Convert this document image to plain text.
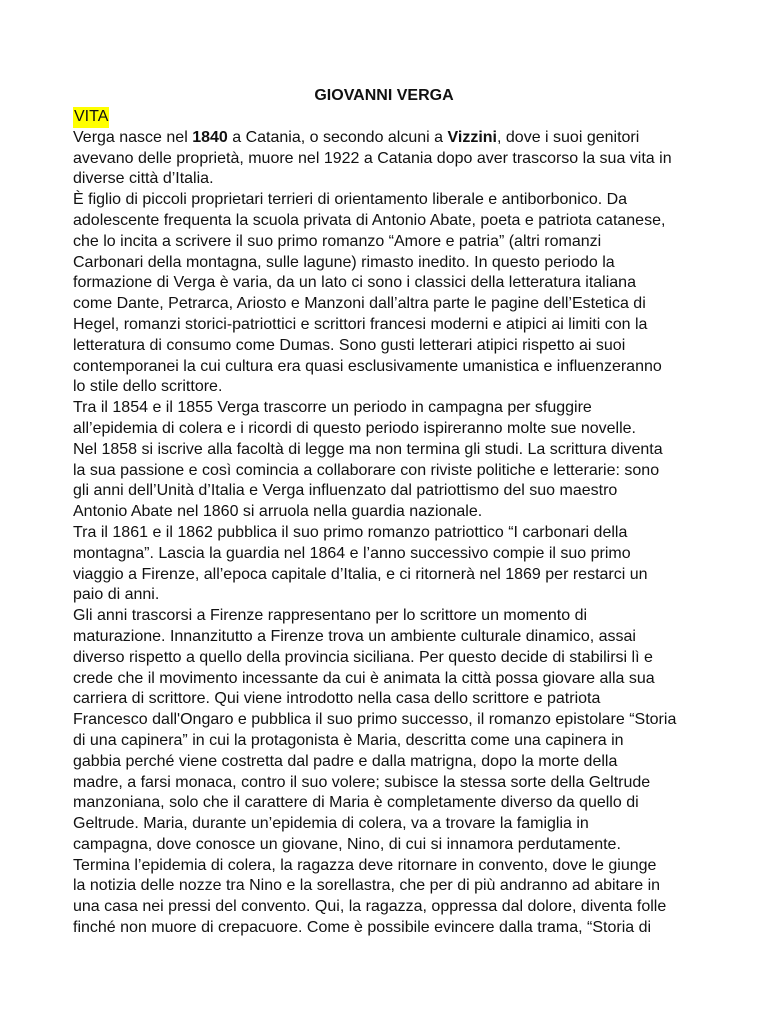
GIOVANNI VERGA
VITA
Verga nasce nel 1840 a Catania, o secondo alcuni a Vizzini, dove i suoi genitori
avevano delle proprietà, muore nel 1922 a Catania dopo aver trascorso la sua vita in
diverse città d’Italia.
È figlio di piccoli proprietari terrieri di orientamento liberale e antiborbonico. Da
adolescente frequenta la scuola privata di Antonio Abate, poeta e patriota catanese,
che lo incita a scrivere il suo primo romanzo “Amore e patria” (altri romanzi
Carbonari della montagna, sulle lagune) rimasto inedito. In questo periodo la
formazione di Verga è varia, da un lato ci sono i classici della letteratura italiana
come Dante, Petrarca, Ariosto e Manzoni dall’altra parte le pagine dell’Estetica di
Hegel, romanzi storici-patriottici e scrittori francesi moderni e atipici ai limiti con la
letteratura di consumo come Dumas. Sono gusti letterari atipici rispetto ai suoi
contemporanei la cui cultura era quasi esclusivamente umanistica e influenzeranno
lo stile dello scrittore.
Tra il 1854 e il 1855 Verga trascorre un periodo in campagna per sfuggire
all’epidemia di colera e i ricordi di questo periodo ispireranno molte sue novelle.
Nel 1858 si iscrive alla facoltà di legge ma non termina gli studi. La scrittura diventa
la sua passione e così comincia a collaborare con riviste politiche e letterarie: sono
gli anni dell’Unità d’Italia e Verga influenzato dal patriottismo del suo maestro
Antonio Abate nel 1860 si arruola nella guardia nazionale.
Tra il 1861 e il 1862 pubblica il suo primo romanzo patriottico “I carbonari della
montagna”. Lascia la guardia nel 1864 e l’anno successivo compie il suo primo
viaggio a Firenze, all’epoca capitale d’Italia, e ci ritornerà nel 1869 per restarci un
paio di anni.
Gli anni trascorsi a Firenze rappresentano per lo scrittore un momento di
maturazione. Innanzitutto a Firenze trova un ambiente culturale dinamico, assai
diverso rispetto a quello della provincia siciliana. Per questo decide di stabilirsi lì e
crede che il movimento incessante da cui è animata la città possa giovare alla sua
carriera di scrittore. Qui viene introdotto nella casa dello scrittore e patriota
Francesco dall'Ongaro e pubblica il suo primo successo, il romanzo epistolare “Storia
di una capinera” in cui la protagonista è Maria, descritta come una capinera in
gabbia perché viene costretta dal padre e dalla matrigna, dopo la morte della
madre, a farsi monaca, contro il suo volere; subisce la stessa sorte della Geltrude
manzoniana, solo che il carattere di Maria è completamente diverso da quello di
Geltrude. Maria, durante un’epidemia di colera, va a trovare la famiglia in
campagna, dove conosce un giovane, Nino, di cui si innamora perdutamente.
Termina l’epidemia di colera, la ragazza deve ritornare in convento, dove le giunge
la notizia delle nozze tra Nino e la sorellastra, che per di più andranno ad abitare in
una casa nei pressi del convento. Qui, la ragazza, oppressa dal dolore, diventa folle
finché non muore di crepacuore. Come è possibile evincere dalla trama, “Storia di
